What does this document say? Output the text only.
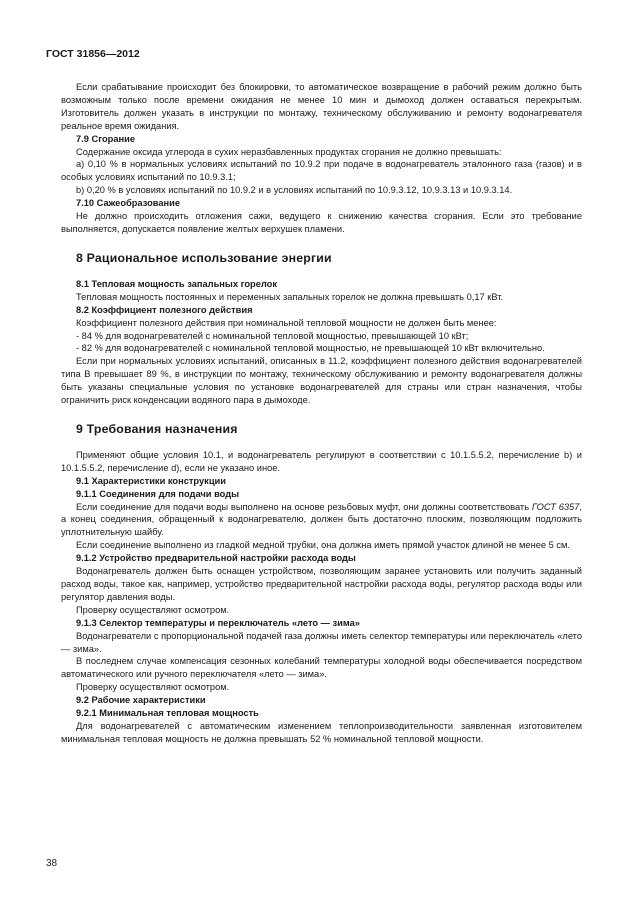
ГОСТ 31856—2012
Если срабатывание происходит без блокировки, то автоматическое возвращение в рабочий режим должно быть возможным только после времени ожидания не менее 10 мин и дымоход должен оставаться перекрытым. Изготовитель должен указать в инструкции по монтажу, техническому обслуживанию и ремонту водонагревателя реальное время ожидания.
7.9 Сгорание
Содержание оксида углерода в сухих неразбавленных продуктах сгорания не должно превышать:
а) 0,10 % в нормальных условиях испытаний по 10.9.2 при подаче в водонагреватель эталонного газа (газов) и в особых условиях испытаний по 10.9.3.1;
b) 0,20 % в условиях испытаний по 10.9.2 и в условиях испытаний по 10.9.3.12, 10.9.3.13 и 10.9.3.14.
7.10 Сажеобразование
Не должно происходить отложения сажи, ведущего к снижению качества сгорания. Если это требование выполняется, допускается появление желтых верхушек пламени.
8 Рациональное использование энергии
8.1 Тепловая мощность запальных горелок
Тепловая мощность постоянных и переменных запальных горелок не должна превышать 0,17 кВт.
8.2 Коэффициент полезного действия
Коэффициент полезного действия при номинальной тепловой мощности не должен быть менее:
- 84 % для водонагревателей с номинальной тепловой мощностью, превышающей 10 кВт;
- 82 % для водонагревателей с номинальной тепловой мощностью, не превышающей 10 кВт включительно.
Если при нормальных условиях испытаний, описанных в 11.2, коэффициент полезного действия водонагревателей типа В превышает 89 %, в инструкции по монтажу, техническому обслуживанию и ремонту водонагревателя должны быть указаны специальные условия по установке водонагревателей для страны или стран назначения, чтобы ограничить риск конденсации водяного пара в дымоходе.
9 Требования назначения
Применяют общие условия 10.1, и водонагреватель регулируют в соответствии с 10.1.5.5.2, перечисление b) и 10.1.5.5.2, перечисление d), если не указано иное.
9.1 Характеристики конструкции
9.1.1 Соединения для подачи воды
Если соединение для подачи воды выполнено на основе резьбовых муфт, они должны соответствовать ГОСТ 6357, а конец соединения, обращенный к водонагревателю, должен быть достаточно плоским, позволяющим подложить уплотнительную шайбу.
Если соединение выполнено из гладкой медной трубки, она должна иметь прямой участок длиной не менее 5 см.
9.1.2 Устройство предварительной настройки расхода воды
Водонагреватель должен быть оснащен устройством, позволяющим заранее установить или получить заданный расход воды, такое как, например, устройство предварительной настройки расхода воды, регулятор расхода воды или регулятор давления воды.
Проверку осуществляют осмотром.
9.1.3 Селектор температуры и переключатель «лето — зима»
Водонагреватели с пропорциональной подачей газа должны иметь селектор температуры или переключатель «лето — зима».
В последнем случае компенсация сезонных колебаний температуры холодной воды обеспечивается посредством автоматического или ручного переключателя «лето — зима».
Проверку осуществляют осмотром.
9.2 Рабочие характеристики
9.2.1 Минимальная тепловая мощность
Для водонагревателей с автоматическим изменением теплопроизводительности заявленная изготовителем минимальная тепловая мощность не должна превышать 52 % номинальной тепловой мощности.
38
